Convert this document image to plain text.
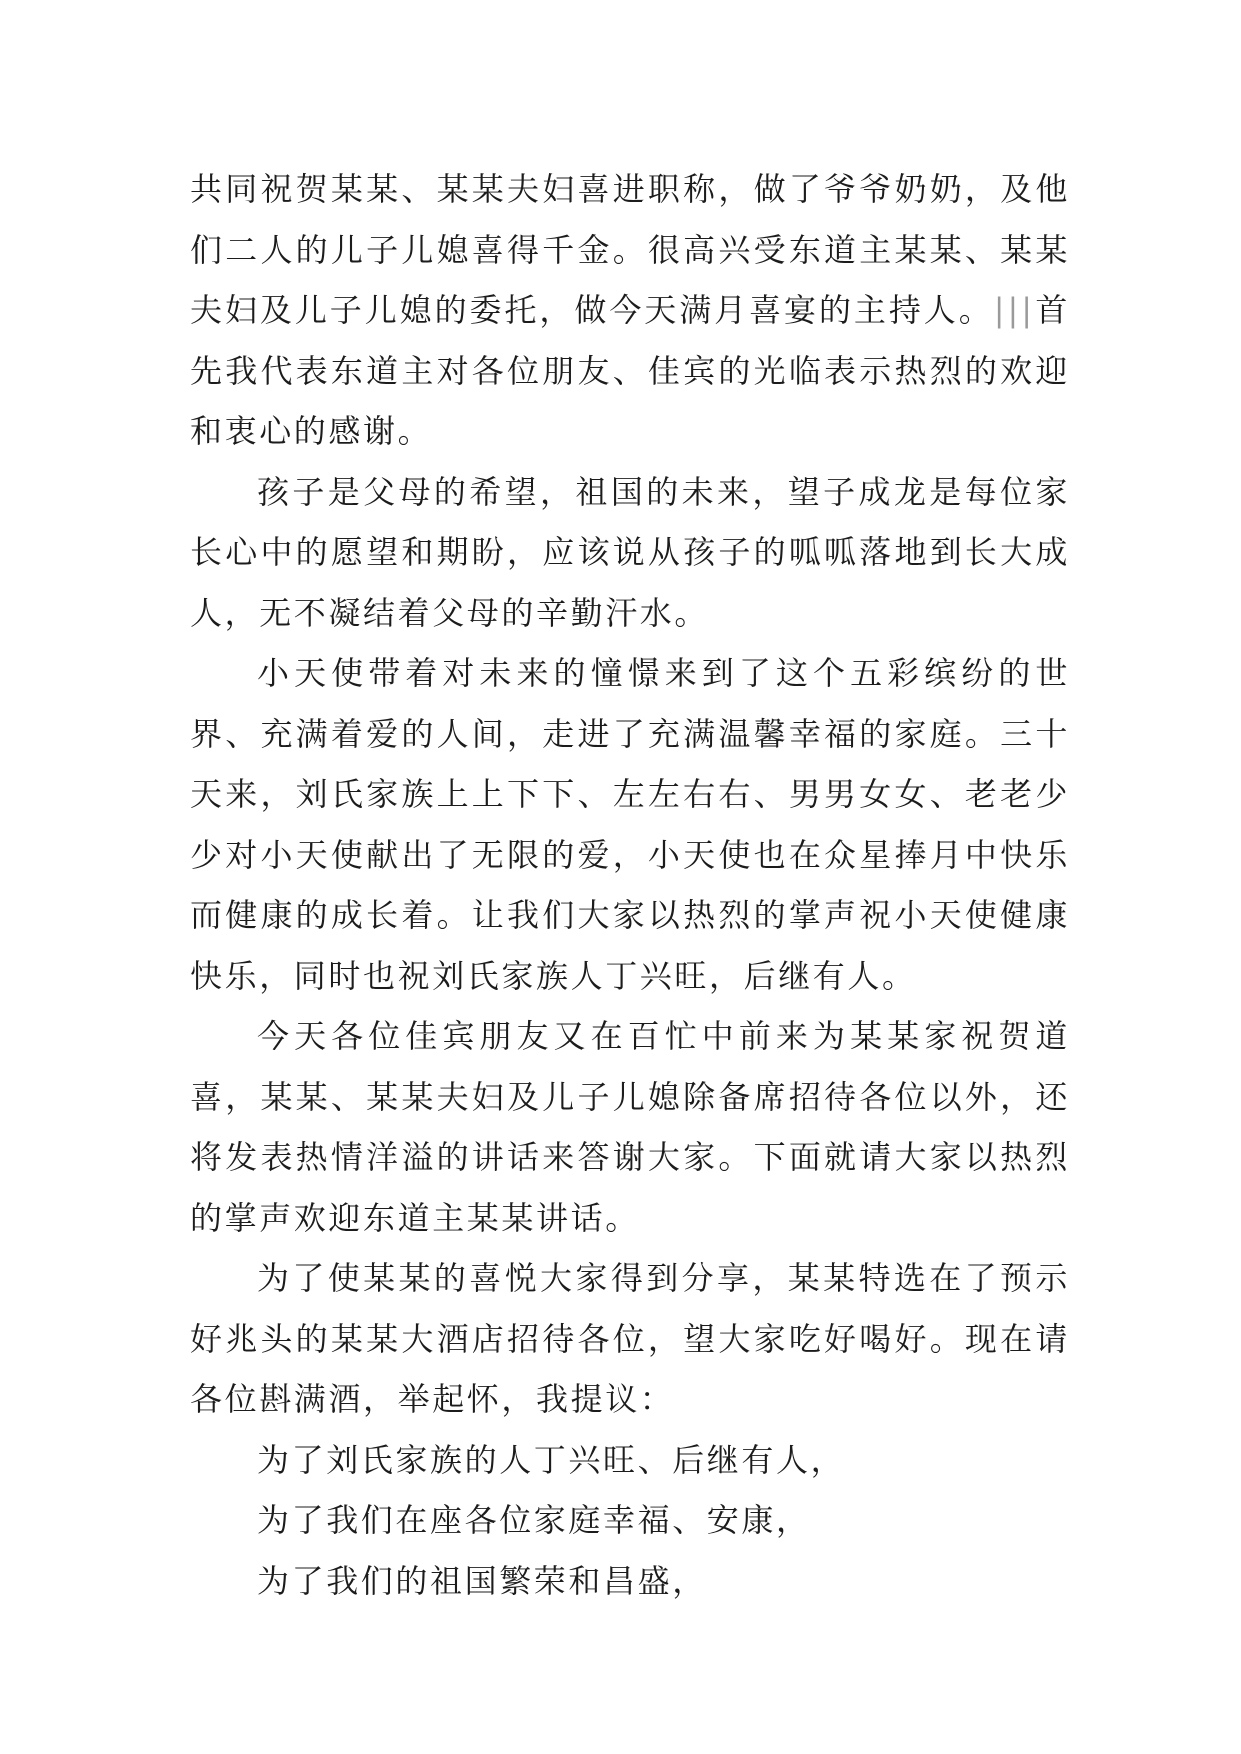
共同祝贺某某、某某夫妇喜进职称，做了爷爷奶奶，及他们二人的儿子儿媳喜得千金。很高兴受东道主某某、某某夫妇及儿子儿媳的委托，做今天满月喜宴的主持人。|||首先我代表东道主对各位朋友、佳宾的光临表示热烈的欢迎和衷心的感谢。

孩子是父母的希望，祖国的未来，望子成龙是每位家长心中的愿望和期盼，应该说从孩子的呱呱落地到长大成人，无不凝结着父母的辛勤汗水。

小天使带着对未来的憧憬来到了这个五彩缤纷的世界、充满着爱的人间，走进了充满温馨幸福的家庭。三十天来，刘氏家族上上下下、左左右右、男男女女、老老少少对小天使献出了无限的爱，小天使也在众星捧月中快乐而健康的成长着。让我们大家以热烈的掌声祝小天使健康快乐，同时也祝刘氏家族人丁兴旺，后继有人。

今天各位佳宾朋友又在百忙中前来为某某家祝贺道喜，某某、某某夫妇及儿子儿媳除备席招待各位以外，还将发表热情洋溢的讲话来答谢大家。下面就请大家以热烈的掌声欢迎东道主某某讲话。

为了使某某的喜悦大家得到分享，某某特选在了预示好兆头的某某大酒店招待各位，望大家吃好喝好。现在请各位斟满酒，举起怀，我提议：

为了刘氏家族的人丁兴旺、后继有人，

为了我们在座各位家庭幸福、安康，

为了我们的祖国繁荣和昌盛，
